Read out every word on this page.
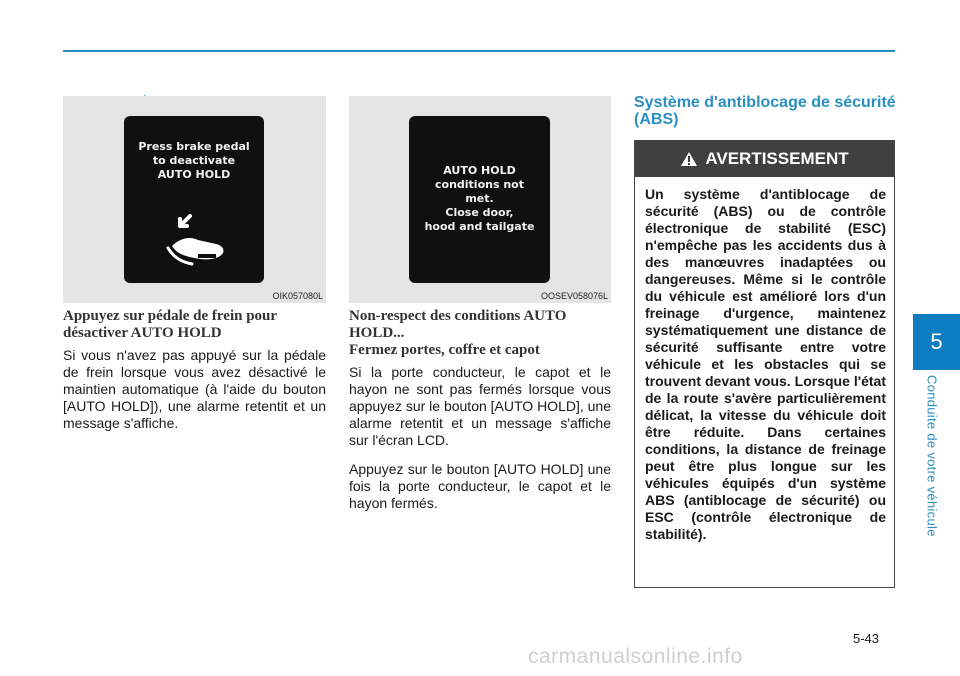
Press brake pedal
to deactivate
AUTO HOLD
OIK057080L
AUTO HOLD
conditions not
met.
Close door,
hood and tailgate
OOSEV058076L

Appuyez sur pédale de frein pour désactiver AUTO HOLD

Si vous n'avez pas appuyé sur la pédale de frein lorsque vous avez désactivé le maintien automatique (à l'aide du bouton [AUTO HOLD]), une alarme retentit et un message s'affiche.

Non-respect des conditions AUTO HOLD...
Fermez portes, coffre et capot

Si la porte conducteur, le capot et le hayon ne sont pas fermés lorsque vous appuyez sur le bouton [AUTO HOLD], une alarme retentit et un message s'affiche sur l'écran LCD.

Appuyez sur le bouton [AUTO HOLD] une fois la porte conducteur, le capot et le hayon fermés.

Système d'antiblocage de sécurité (ABS)
AVERTISSEMENT
Un système d'antiblocage de sécurité (ABS) ou de contrôle électronique de stabilité (ESC) n'empêche pas les accidents dus à des manœuvres inadaptées ou dangereuses. Même si le contrôle du véhicule est amélioré lors d'un freinage d'urgence, maintenez systématiquement une distance de sécurité suffisante entre votre véhicule et les obstacles qui se trouvent devant vous. Lorsque l'état de la route s'avère particulièrement délicat, la vitesse du véhicule doit être réduite. Dans certaines conditions, la distance de freinage peut être plus longue sur les véhicules équipés d'un système ABS (antiblocage de sécurité) ou ESC (contrôle électronique de stabilité).
5
Conduite de votre véhicule
5-43
carmanualsonline.info
